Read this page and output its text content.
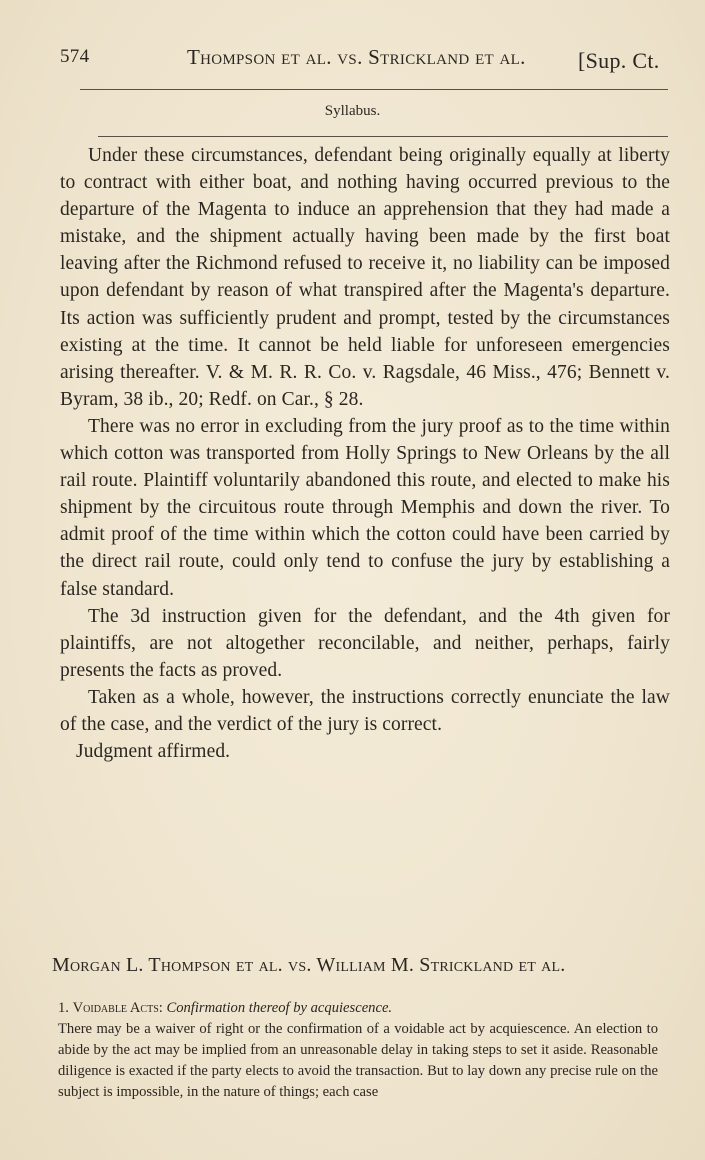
574	Thompson et al. vs. Strickland et al. [Sup. Ct.
Syllabus.

Under these circumstances, defendant being originally equally at liberty to contract with either boat, and nothing having occurred previous to the departure of the Magenta to induce an apprehension that they had made a mistake, and the shipment actually having been made by the first boat leaving after the Richmond refused to receive it, no liability can be imposed upon defendant by reason of what transpired after the Magenta's departure. Its action was sufficiently prudent and prompt, tested by the circumstances existing at the time. It cannot be held liable for unforeseen emergencies arising thereafter. V. & M. R. R. Co. v. Ragsdale, 46 Miss., 476; Bennett v. Byram, 38 ib., 20; Redf. on Car., § 28.

There was no error in excluding from the jury proof as to the time within which cotton was transported from Holly Springs to New Orleans by the all rail route. Plaintiff voluntarily abandoned this route, and elected to make his shipment by the circuitous route through Memphis and down the river. To admit proof of the time within which the cotton could have been carried by the direct rail route, could only tend to confuse the jury by establishing a false standard.

The 3d instruction given for the defendant, and the 4th given for plaintiffs, are not altogether reconcilable, and neither, perhaps, fairly presents the facts as proved.

Taken as a whole, however, the instructions correctly enunciate the law of the case, and the verdict of the jury is correct.

Judgment affirmed.

Morgan L. Thompson et al. vs. William M. Strickland et al.

1. Voidable Acts: Confirmation thereof by acquiescence.

There may be a waiver of right or the confirmation of a voidable act by acquiescence. An election to abide by the act may be implied from an unreasonable delay in taking steps to set it aside. Reasonable diligence is exacted if the party elects to avoid the transaction. But to lay down any precise rule on the subject is impossible, in the nature of things; each case
